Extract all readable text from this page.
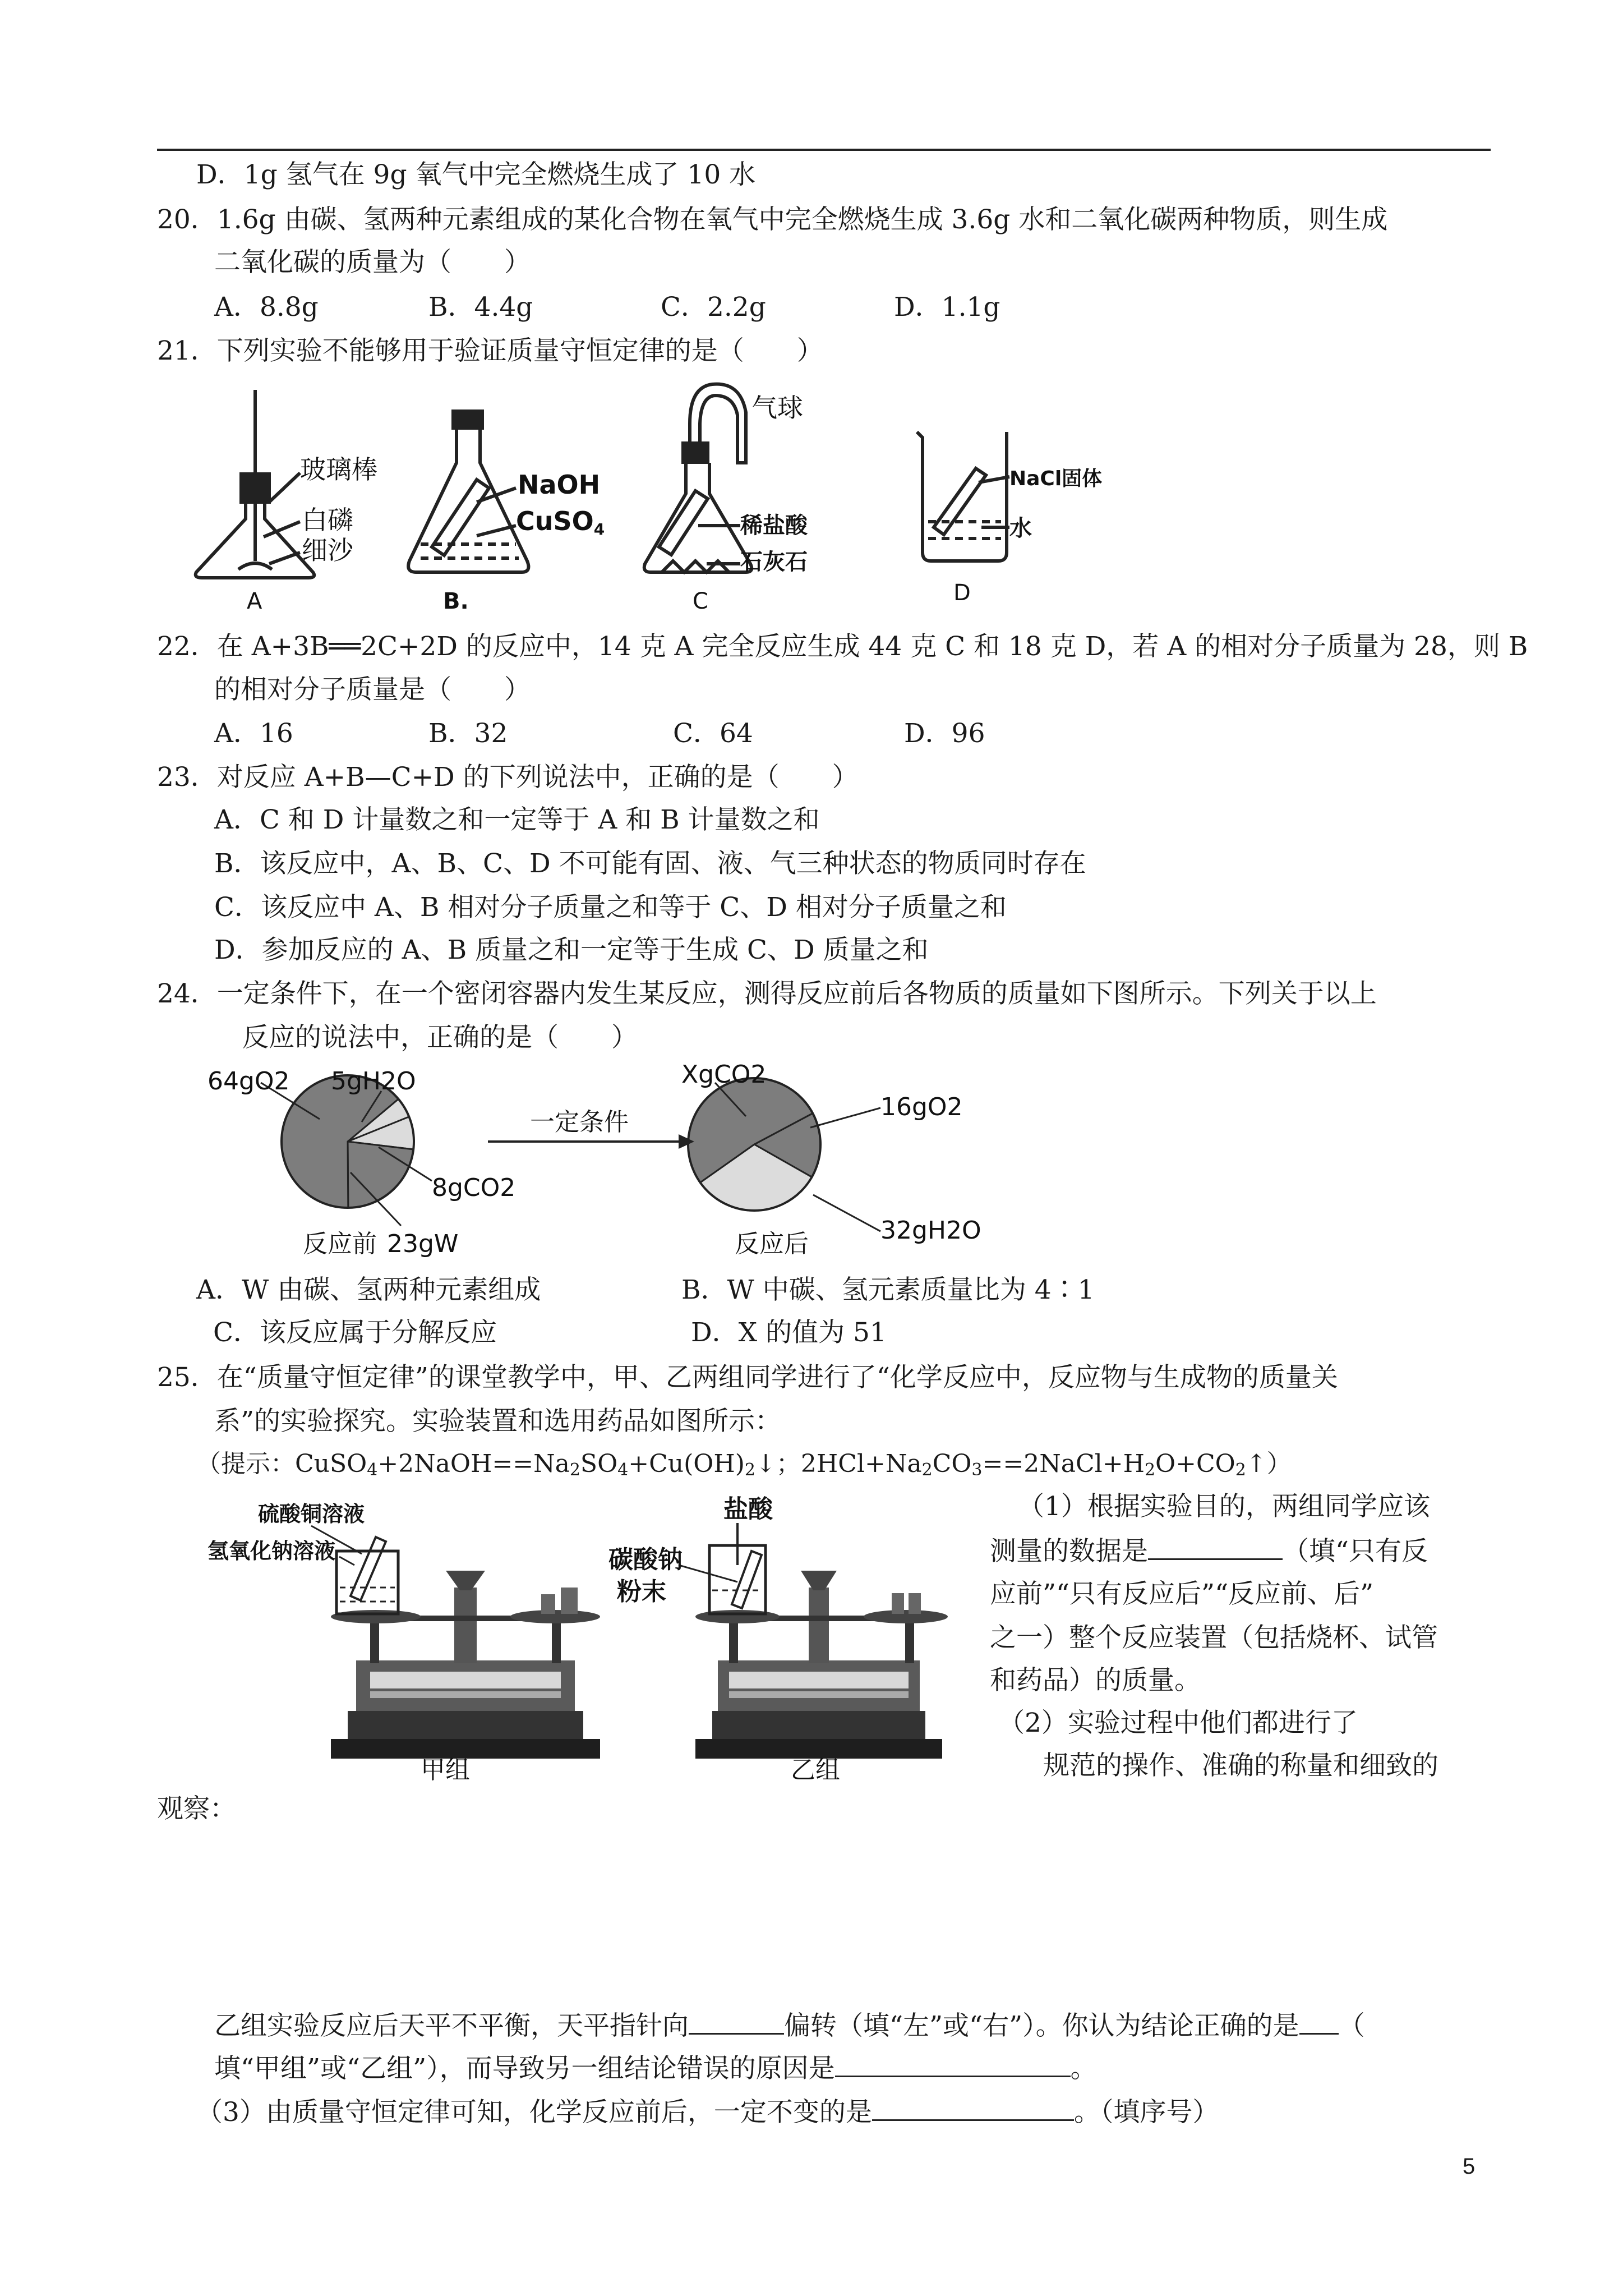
D．1g 氢气在 9g 氧气中完全燃烧生成了 10 水
20．1.6g 由碳、氢两种元素组成的某化合物在氧气中完全燃烧生成 3.6g 水和二氧化碳两种物质，则生成
二氧化碳的质量为（　　）
A．8.8g	B．4.4g	C．2.2g	D．1.1g
21．下列实验不能够用于验证质量守恒定律的是（　　）
玻璃棒
白磷
细沙
A
NaOH
CuSO4
B.
气球
稀盐酸
石灰石
C
NaCl固体
水
D
22．在 A+3B══2C+2D 的反应中，14 克 A 完全反应生成 44 克 C 和 18 克 D，若 A 的相对分子质量为 28，则 B
的相对分子质量是（　　）
A．16	B．32	C．64	D．96
23．对反应 A+B—C+D 的下列说法中，正确的是（　　）
A．C 和 D 计量数之和一定等于 A 和 B 计量数之和
B．该反应中，A、B、C、D 不可能有固、液、气三种状态的物质同时存在
C．该反应中 A、B 相对分子质量之和等于 C、D 相对分子质量之和
D．参加反应的 A、B 质量之和一定等于生成 C、D 质量之和
24．一定条件下，在一个密闭容器内发生某反应，测得反应前后各物质的质量如下图所示。下列关于以上
反应的说法中，正确的是（　　）
64gO2 5gH2O
8gCO2
23gW
反应前
一定条件
XgCO2
16gO2
32gH2O
反应后
A．W 由碳、氢两种元素组成	B．W 中碳、氢元素质量比为 4∶1
C．该反应属于分解反应	D．X 的值为 51
25．在“质量守恒定律”的课堂教学中，甲、乙两组同学进行了“化学反应中，反应物与生成物的质量关
系”的实验探究。实验装置和选用药品如图所示：
（提示：$CuSO_4+2NaOH==Na_2SO_4+Cu(OH)_2↓$；$2HCl+Na_2CO_3==2NaCl+H_2O+CO_2↑$）
硫酸铜溶液
氢氧化钠溶液
甲组
盐酸
碳酸钠
粉末
乙组
（1）根据实验目的，两组同学应该
测量的数据是	（填“只有反
应前”“只有反应后”“反应前、后”
之一）整个反应装置（包括烧杯、试管
和药品）的质量。
（2）实验过程中他们都进行了
规范的操作、准确的称量和细致的
观察：
乙组实验反应后天平不平衡，天平指针向	偏转（填“左”或“右”）。你认为结论正确的是 （
填“甲组”或“乙组”），而导致另一组结论错误的原因是	。
（3）由质量守恒定律可知，化学反应前后，一定不变的是	。（填序号）
5
